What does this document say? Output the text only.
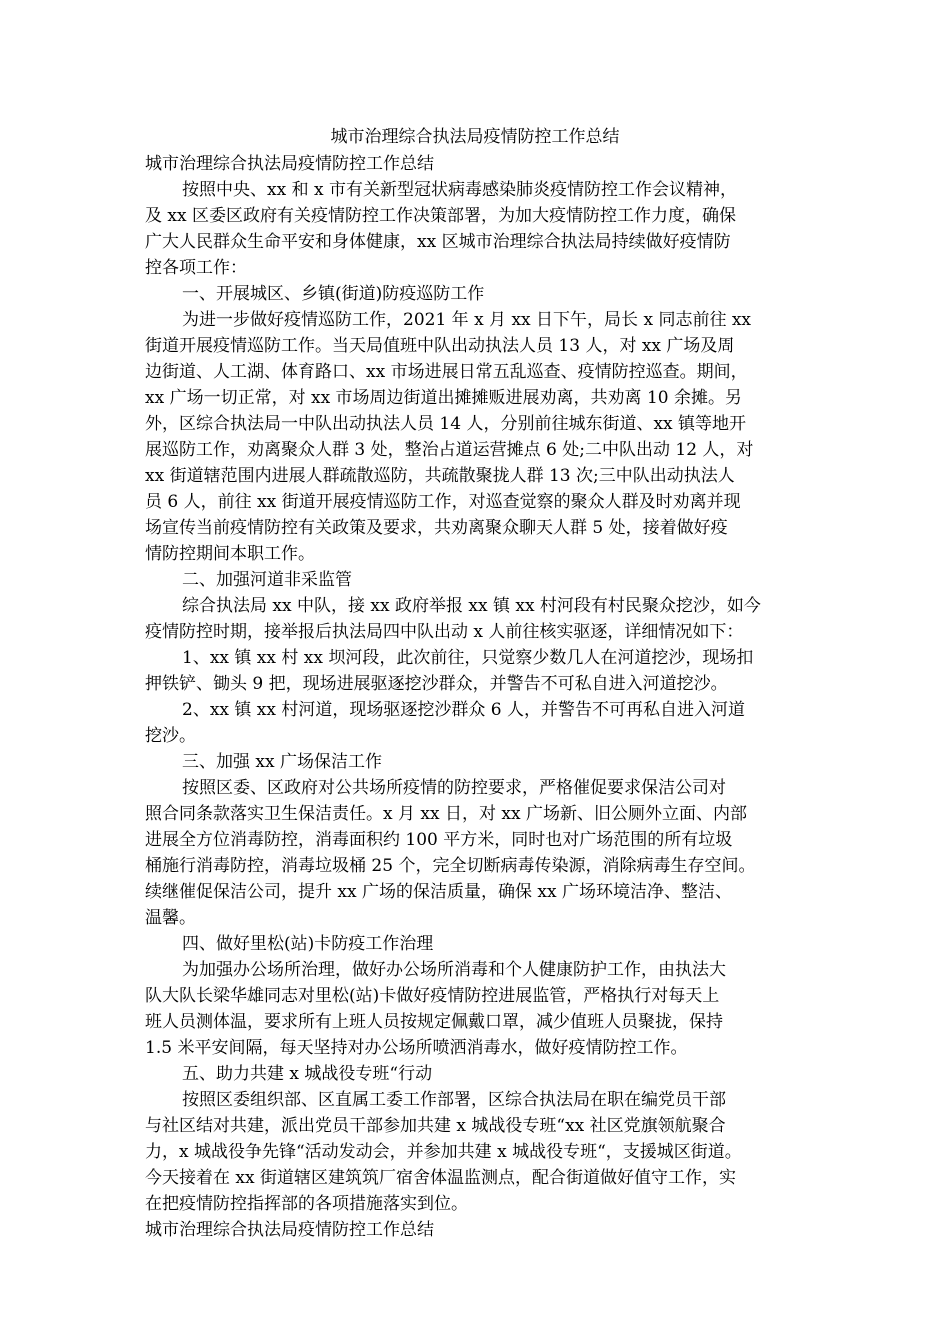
城市治理综合执法局疫情防控工作总结
城市治理综合执法局疫情防控工作总结
按照中央、xx 和 x 市有关新型冠状病毒感染肺炎疫情防控工作会议精神，
及 xx 区委区政府有关疫情防控工作决策部署，为加大疫情防控工作力度，确保
广大人民群众生命平安和身体健康，xx 区城市治理综合执法局持续做好疫情防
控各项工作：
一、开展城区、乡镇(街道)防疫巡防工作
为进一步做好疫情巡防工作，2021 年 x 月 xx 日下午，局长 x 同志前往 xx
街道开展疫情巡防工作。当天局值班中队出动执法人员 13 人，对 xx 广场及周
边街道、人工湖、体育路口、xx 市场进展日常五乱巡查、疫情防控巡查。期间，
xx 广场一切正常，对 xx 市场周边街道出摊摊贩进展劝离，共劝离 10 余摊。另
外，区综合执法局一中队出动执法人员 14 人，分别前往城东街道、xx 镇等地开
展巡防工作，劝离聚众人群 3 处，整治占道运营摊点 6 处;二中队出动 12 人，对
xx 街道辖范围内进展人群疏散巡防，共疏散聚拢人群 13 次;三中队出动执法人
员 6 人，前往 xx 街道开展疫情巡防工作，对巡查觉察的聚众人群及时劝离并现
场宣传当前疫情防控有关政策及要求，共劝离聚众聊天人群 5 处，接着做好疫
情防控期间本职工作。
二、加强河道非采监管
综合执法局 xx 中队，接 xx 政府举报 xx 镇 xx 村河段有村民聚众挖沙，如今
疫情防控时期，接举报后执法局四中队出动 x 人前往核实驱逐，详细情况如下：
1、xx 镇 xx 村 xx 坝河段，此次前往，只觉察少数几人在河道挖沙，现场扣
押铁铲、锄头 9 把，现场进展驱逐挖沙群众，并警告不可私自进入河道挖沙。
2、xx 镇 xx 村河道，现场驱逐挖沙群众 6 人，并警告不可再私自进入河道
挖沙。
三、加强 xx 广场保洁工作
按照区委、区政府对公共场所疫情的防控要求，严格催促要求保洁公司对
照合同条款落实卫生保洁责任。x 月 xx 日，对 xx 广场新、旧公厕外立面、内部
进展全方位消毒防控，消毒面积约 100 平方米，同时也对广场范围的所有垃圾
桶施行消毒防控，消毒垃圾桶 25 个，完全切断病毒传染源，消除病毒生存空间。
续继催促保洁公司，提升 xx 广场的保洁质量，确保 xx 广场环境洁净、整洁、
温馨。
四、做好里松(站)卡防疫工作治理
为加强办公场所治理，做好办公场所消毒和个人健康防护工作，由执法大
队大队长梁华雄同志对里松(站)卡做好疫情防控进展监管，严格执行对每天上
班人员测体温，要求所有上班人员按规定佩戴口罩，减少值班人员聚拢，保持
1.5 米平安间隔，每天坚持对办公场所喷洒消毒水，做好疫情防控工作。
五、助力共建 x 城战役专班“行动
按照区委组织部、区直属工委工作部署，区综合执法局在职在编党员干部
与社区结对共建，派出党员干部参加共建 x 城战役专班“xx 社区党旗领航聚合
力，x 城战役争先锋“活动发动会，并参加共建 x 城战役专班“，支援城区街道。
今天接着在 xx 街道辖区建筑筑厂宿舍体温监测点，配合街道做好值守工作，实
在把疫情防控指挥部的各项措施落实到位。
城市治理综合执法局疫情防控工作总结
